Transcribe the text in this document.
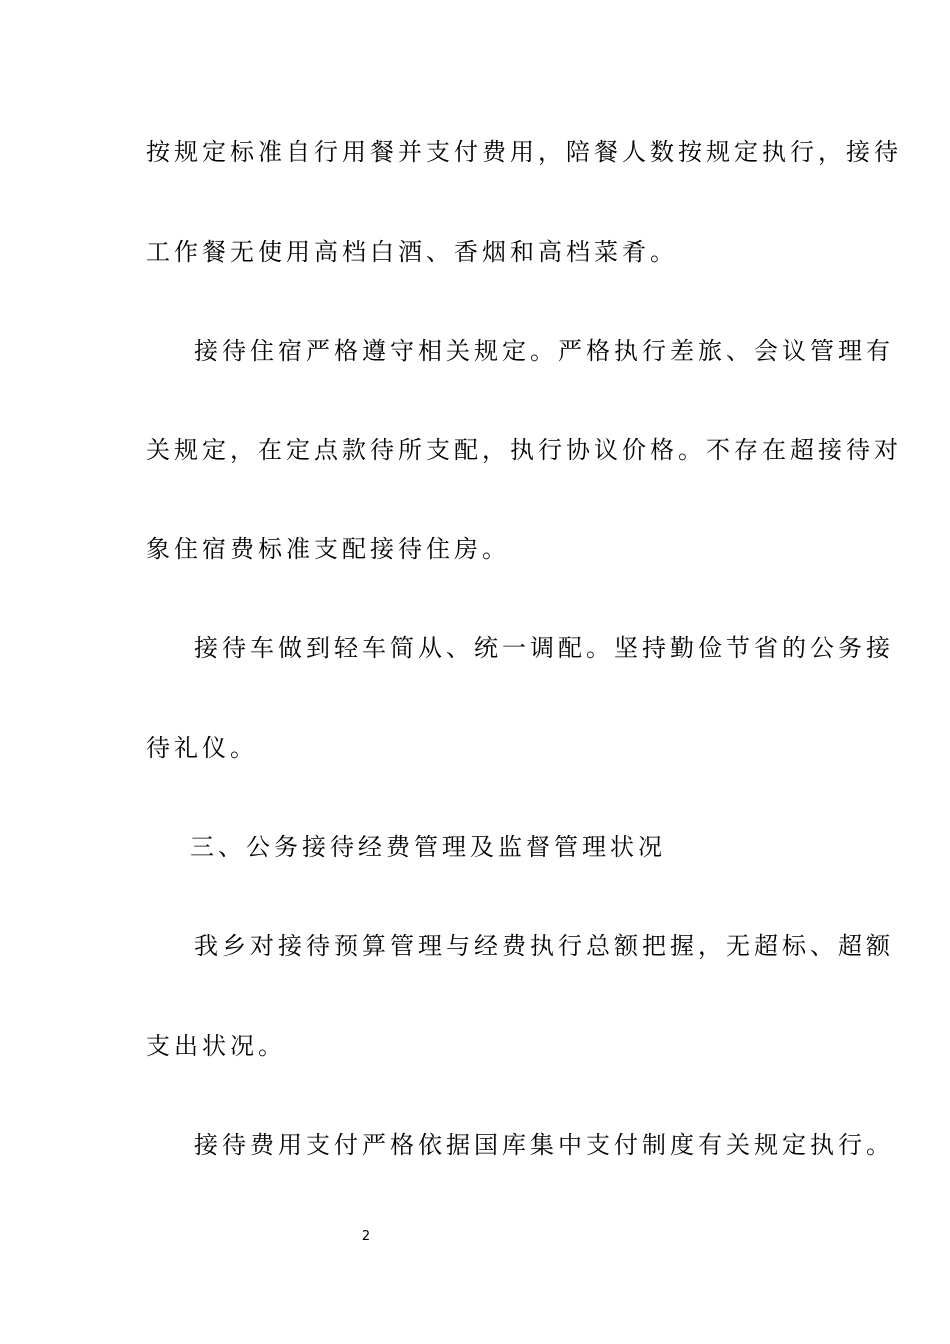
按规定标准自行用餐并支付费用，陪餐人数按规定执行，接待
工作餐无使用高档白酒、香烟和高档菜肴。
接待住宿严格遵守相关规定。严格执行差旅、会议管理有
关规定，在定点款待所支配，执行协议价格。不存在超接待对
象住宿费标准支配接待住房。
接待车做到轻车简从、统一调配。坚持勤俭节省的公务接
待礼仪。
三、公务接待经费管理及监督管理状况
我乡对接待预算管理与经费执行总额把握，无超标、超额
支出状况。
接待费用支付严格依据国库集中支付制度有关规定执行。
2
